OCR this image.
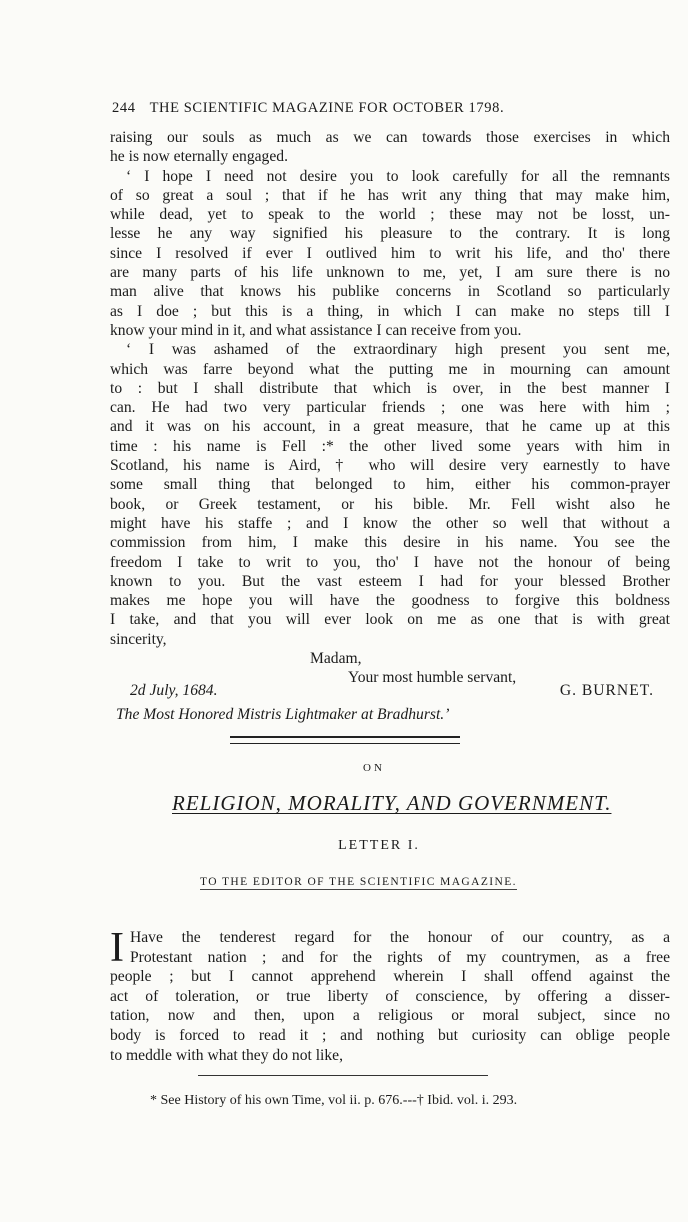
244 THE SCIENTIFIC MAGAZINE FOR OCTOBER 1798.
raising our souls as much as we can towards those exercises in which
he is now eternally engaged.
‘ I hope I need not desire you to look carefully for all the remnants
of so great a soul ; that if he has writ any thing that may make him,
while dead, yet to speak to the world ; these may not be losst, un-
lesse he any way signified his pleasure to the contrary. It is long
since I resolved if ever I outlived him to writ his life, and tho' there
are many parts of his life unknown to me, yet, I am sure there is no
man alive that knows his publike concerns in Scotland so particularly
as I doe ; but this is a thing, in which I can make no steps till I
know your mind in it, and what assistance I can receive from you.
‘ I was ashamed of the extraordinary high present you sent me,
which was farre beyond what the putting me in mourning can amount
to : but I shall distribute that which is over, in the best manner I
can. He had two very particular friends ; one was here with him ;
and it was on his account, in a great measure, that he came up at this
time : his name is Fell :* the other lived some years with him in
Scotland, his name is Aird, † who will desire very earnestly to have
some small thing that belonged to him, either his common-prayer
book, or Greek testament, or his bible. Mr. Fell wisht also he
might have his staffe ; and I know the other so well that without a
commission from him, I make this desire in his name. You see the
freedom I take to writ to you, tho' I have not the honour of being
known to you. But the vast esteem I had for your blessed Brother
makes me hope you will have the goodness to forgive this boldness
I take, and that you will ever look on me as one that is with great
sincerity,
Madam,
Your most humble servant,
2d July, 1684.	G. BURNET.
The Most Honored Mistris Lightmaker at Bradhurst.’
ON
RELIGION, MORALITY, AND GOVERNMENT.
LETTER I.
TO THE EDITOR OF THE SCIENTIFIC MAGAZINE.
I Have the tenderest regard for the honour of our country, as a
Protestant nation ; and for the rights of my countrymen, as a free
people ; but I cannot apprehend wherein I shall offend against the
act of toleration, or true liberty of conscience, by offering a disser-
tation, now and then, upon a religious or moral subject, since no
body is forced to read it ; and nothing but curiosity can oblige people
to meddle with what they do not like,
* See History of his own Time, vol ii. p. 676.---† Ibid. vol. i. 293.
